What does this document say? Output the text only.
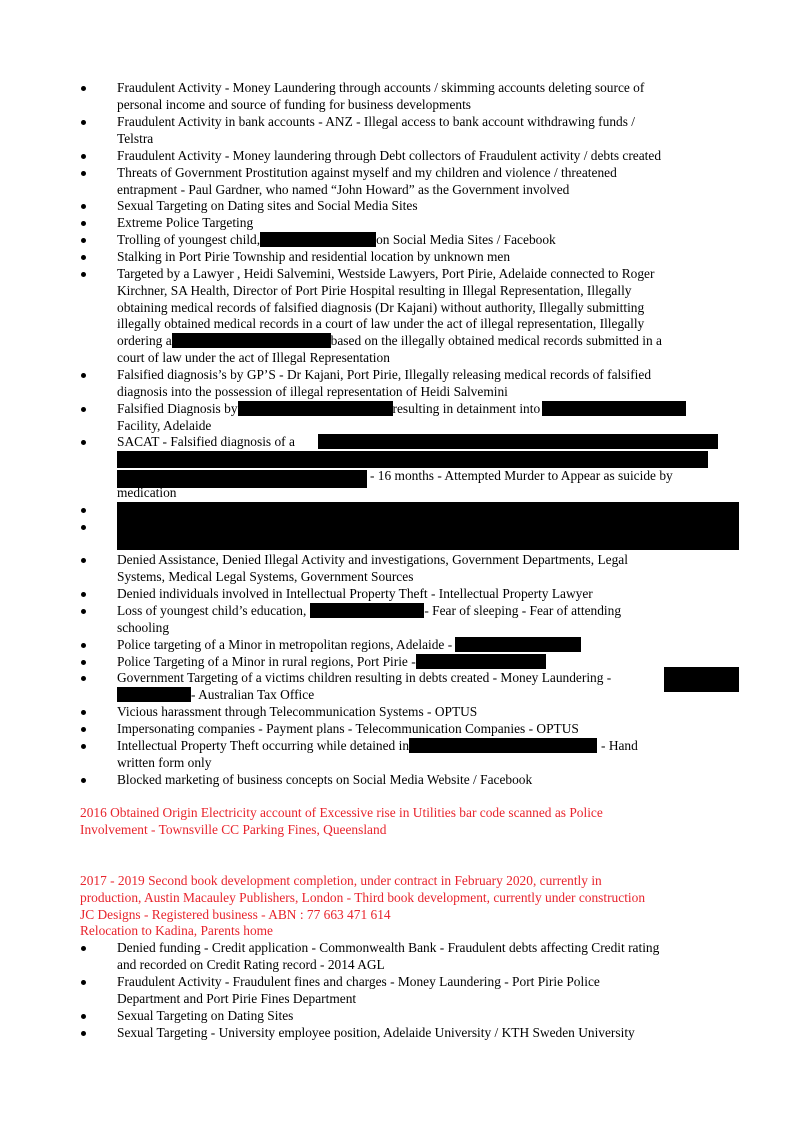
Fraudulent Activity - Money Laundering through accounts / skimming accounts deleting source of
personal income and source of funding for business developments
Fraudulent Activity in bank accounts - ANZ - Illegal access to bank account withdrawing funds /
Telstra
Fraudulent Activity - Money laundering through Debt collectors of Fraudulent activity / debts created
Threats of Government Prostitution against myself and my children and violence / threatened
entrapment - Paul Gardner, who named “John Howard” as the Government involved
Sexual Targeting on Dating sites and Social Media Sites
Extreme Police Targeting
Trolling of youngest child,	on Social Media Sites / Facebook
Stalking in Port Pirie Township and residential location by unknown men
Targeted by a Lawyer , Heidi Salvemini, Westside Lawyers, Port Pirie, Adelaide connected to Roger
Kirchner, SA Health, Director of Port Pirie Hospital resulting in Illegal Representation, Illegally
obtaining medical records of falsified diagnosis (Dr Kajani) without authority, Illegally submitting
illegally obtained medical records in a court of law under the act of illegal representation, Illegally
ordering a	based on the illegally obtained medical records submitted in a
court of law under the act of Illegal Representation
Falsified diagnosis’s by GP’S - Dr Kajani, Port Pirie, Illegally releasing medical records of falsified
diagnosis into the possession of illegal representation of Heidi Salvemini
Falsified Diagnosis by	resulting in detainment into
Facility, Adelaide
SACAT - Falsified diagnosis of a
- 16 months - Attempted Murder to Appear as suicide by
medication
Denied Assistance, Denied Illegal Activity and investigations, Government Departments, Legal
Systems, Medical Legal Systems, Government Sources
Denied individuals involved in Intellectual Property Theft - Intellectual Property Lawyer
Loss of youngest child’s education,	- Fear of sleeping - Fear of attending
schooling
Police targeting of a Minor in metropolitan regions, Adelaide -
Police Targeting of a Minor in rural regions, Port Pirie -
Government Targeting of a victims children resulting in debts created - Money Laundering -
- Australian Tax Office
Vicious harassment through Telecommunication Systems - OPTUS
Impersonating companies - Payment plans - Telecommunication Companies - OPTUS
Intellectual Property Theft occurring while detained in	- Hand
written form only
Blocked marketing of business concepts on Social Media Website / Facebook
2016 Obtained Origin Electricity account of Excessive rise in Utilities bar code scanned as Police
Involvement - Townsville CC Parking Fines, Queensland
2017 - 2019 Second book development completion, under contract in February 2020, currently in
production, Austin Macauley Publishers, London - Third book development, currently under construction
JC Designs - Registered business - ABN : 77 663 471 614
Relocation to Kadina, Parents home
Denied funding - Credit application - Commonwealth Bank - Fraudulent debts affecting Credit rating
and recorded on Credit Rating record - 2014 AGL
Fraudulent Activity - Fraudulent fines and charges - Money Laundering - Port Pirie Police
Department and Port Pirie Fines Department
Sexual Targeting on Dating Sites
Sexual Targeting - University employee position, Adelaide University / KTH Sweden University
